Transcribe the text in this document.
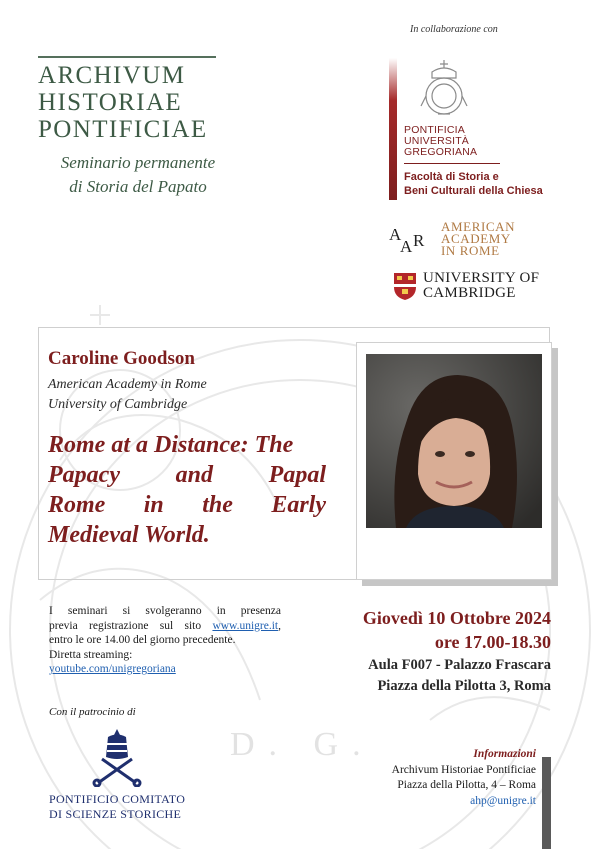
D. G.
ARCHIVUM
HISTORIAE
PONTIFICIAE
Seminario permanente
di Storia del Papato
In collaborazione con
PONTIFICIA
UNIVERSITÀ
GREGORIANA
Facoltà di Storia e
Beni Culturali della Chiesa
A
A R
AMERICAN
ACADEMY
IN ROME
UNIVERSITY OF
CAMBRIDGE
Caroline Goodson
American Academy in Rome
University of Cambridge
Rome at a Distance: The
Papacy and Papal
Rome in the Early
Medieval World.
I seminari si svolgeranno in presenza
previa registrazione sul sito www.unigre.it,
entro le ore 14.00 del giorno precedente.
Diretta streaming:
youtube.com/unigregoriana
Con il patrocinio di
PONTIFICIO COMITATO
DI SCIENZE STORICHE
Giovedì 10 Ottobre 2024
ore 17.00-18.30
Aula F007 - Palazzo Frascara
Piazza della Pilotta 3, Roma
Informazioni
Archivum Historiae Pontificiae
Piazza della Pilotta, 4 – Roma
ahp@unigre.it
